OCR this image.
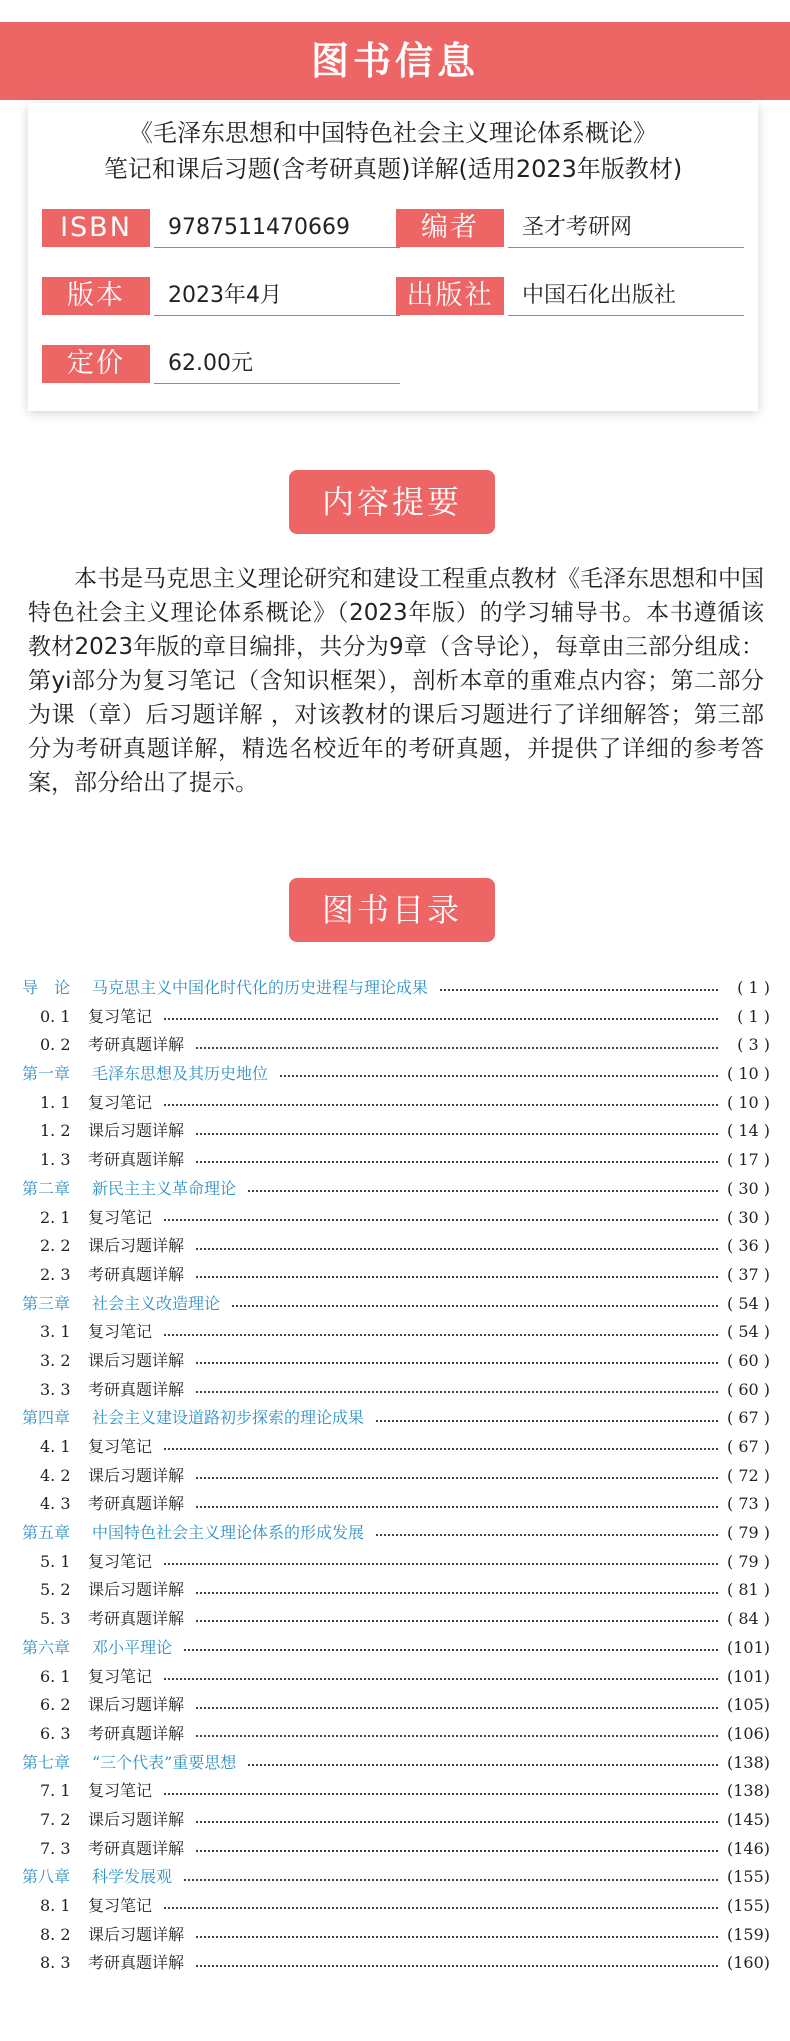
图书信息
《毛泽东思想和中国特色社会主义理论体系概论》
笔记和课后习题(含考研真题)详解(适用2023年版教材)
ISBN	9787511470669	编者	圣才考研网
版本	2023年4月	出版社	中国石化出版社
定价	62.00元
内容提要
本书是马克思主义理论研究和建设工程重点教材《毛泽东思想和中国特色社会主义理论体系概论》（2023年版）的学习辅导书。本书遵循该教材2023年版的章目编排，共分为9章（含导论），每章由三部分组成：第yi部分为复习笔记（含知识框架），剖析本章的重难点内容；第二部分为课（章）后习题详解 ，对该教材的课后习题进行了详细解答；第三部分为考研真题详解，精选名校近年的考研真题，并提供了详细的参考答案，部分给出了提示。
图书目录
导　论	马克思主义中国化时代化的历史进程与理论成果	( 1 )
0. 1	复习笔记	( 1 )
0. 2	考研真题详解	( 3 )
第一章	毛泽东思想及其历史地位	( 10 )
1. 1	复习笔记	( 10 )
1. 2	课后习题详解	( 14 )
1. 3	考研真题详解	( 17 )
第二章	新民主主义革命理论	( 30 )
2. 1	复习笔记	( 30 )
2. 2	课后习题详解	( 36 )
2. 3	考研真题详解	( 37 )
第三章	社会主义改造理论	( 54 )
3. 1	复习笔记	( 54 )
3. 2	课后习题详解	( 60 )
3. 3	考研真题详解	( 60 )
第四章	社会主义建设道路初步探索的理论成果	( 67 )
4. 1	复习笔记	( 67 )
4. 2	课后习题详解	( 72 )
4. 3	考研真题详解	( 73 )
第五章	中国特色社会主义理论体系的形成发展	( 79 )
5. 1	复习笔记	( 79 )
5. 2	课后习题详解	( 81 )
5. 3	考研真题详解	( 84 )
第六章	邓小平理论	(101)
6. 1	复习笔记	(101)
6. 2	课后习题详解	(105)
6. 3	考研真题详解	(106)
第七章	“三个代表”重要思想	(138)
7. 1	复习笔记	(138)
7. 2	课后习题详解	(145)
7. 3	考研真题详解	(146)
第八章	科学发展观	(155)
8. 1	复习笔记	(155)
8. 2	课后习题详解	(159)
8. 3	考研真题详解	(160)
